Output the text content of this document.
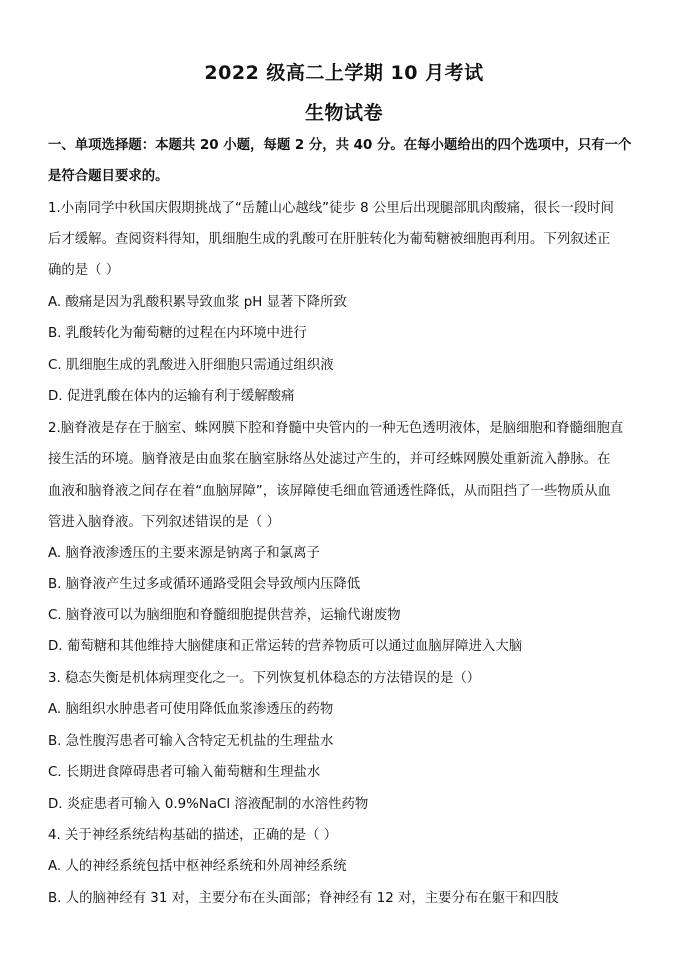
2022 级高二上学期 10 月考试
生物试卷
一、单项选择题：本题共 20 小题，每题 2 分，共 40 分。在每小题给出的四个选项中，只有一个
是符合题目要求的。
1.小南同学中秋国庆假期挑战了“岳麓山心越线”徒步 8 公里后出现腿部肌肉酸痛，很长一段时间
后才缓解。查阅资料得知，肌细胞生成的乳酸可在肝脏转化为葡萄糖被细胞再利用。下列叙述正
确的是（ ）
A. 酸痛是因为乳酸积累导致血浆 pH 显著下降所致
B. 乳酸转化为葡萄糖的过程在内环境中进行
C. 肌细胞生成的乳酸进入肝细胞只需通过组织液
D. 促进乳酸在体内的运输有利于缓解酸痛
2.脑脊液是存在于脑室、蛛网膜下腔和脊髓中央管内的一种无色透明液体，是脑细胞和脊髓细胞直
接生活的环境。脑脊液是由血浆在脑室脉络丛处滤过产生的，并可经蛛网膜处重新流入静脉。在
血液和脑脊液之间存在着“血脑屏障”，该屏障使毛细血管通透性降低，从而阻挡了一些物质从血
管进入脑脊液。下列叙述错误的是（ ）
A. 脑脊液渗透压的主要来源是钠离子和氯离子
B. 脑脊液产生过多或循环通路受阻会导致颅内压降低
C. 脑脊液可以为脑细胞和脊髓细胞提供营养，运输代谢废物
D. 葡萄糖和其他维持大脑健康和正常运转的营养物质可以通过血脑屏障进入大脑
3. 稳态失衡是机体病理变化之一。下列恢复机体稳态的方法错误的是（）
A. 脑组织水肿患者可使用降低血浆渗透压的药物
B. 急性腹泻患者可输入含特定无机盐的生理盐水
C. 长期进食障碍患者可输入葡萄糖和生理盐水
D. 炎症患者可输入 0.9%NaCl 溶液配制的水溶性药物
4. 关于神经系统结构基础的描述，正确的是（ ）
A. 人的神经系统包括中枢神经系统和外周神经系统
B. 人的脑神经有 31 对，主要分布在头面部；脊神经有 12 对，主要分布在躯干和四肢
